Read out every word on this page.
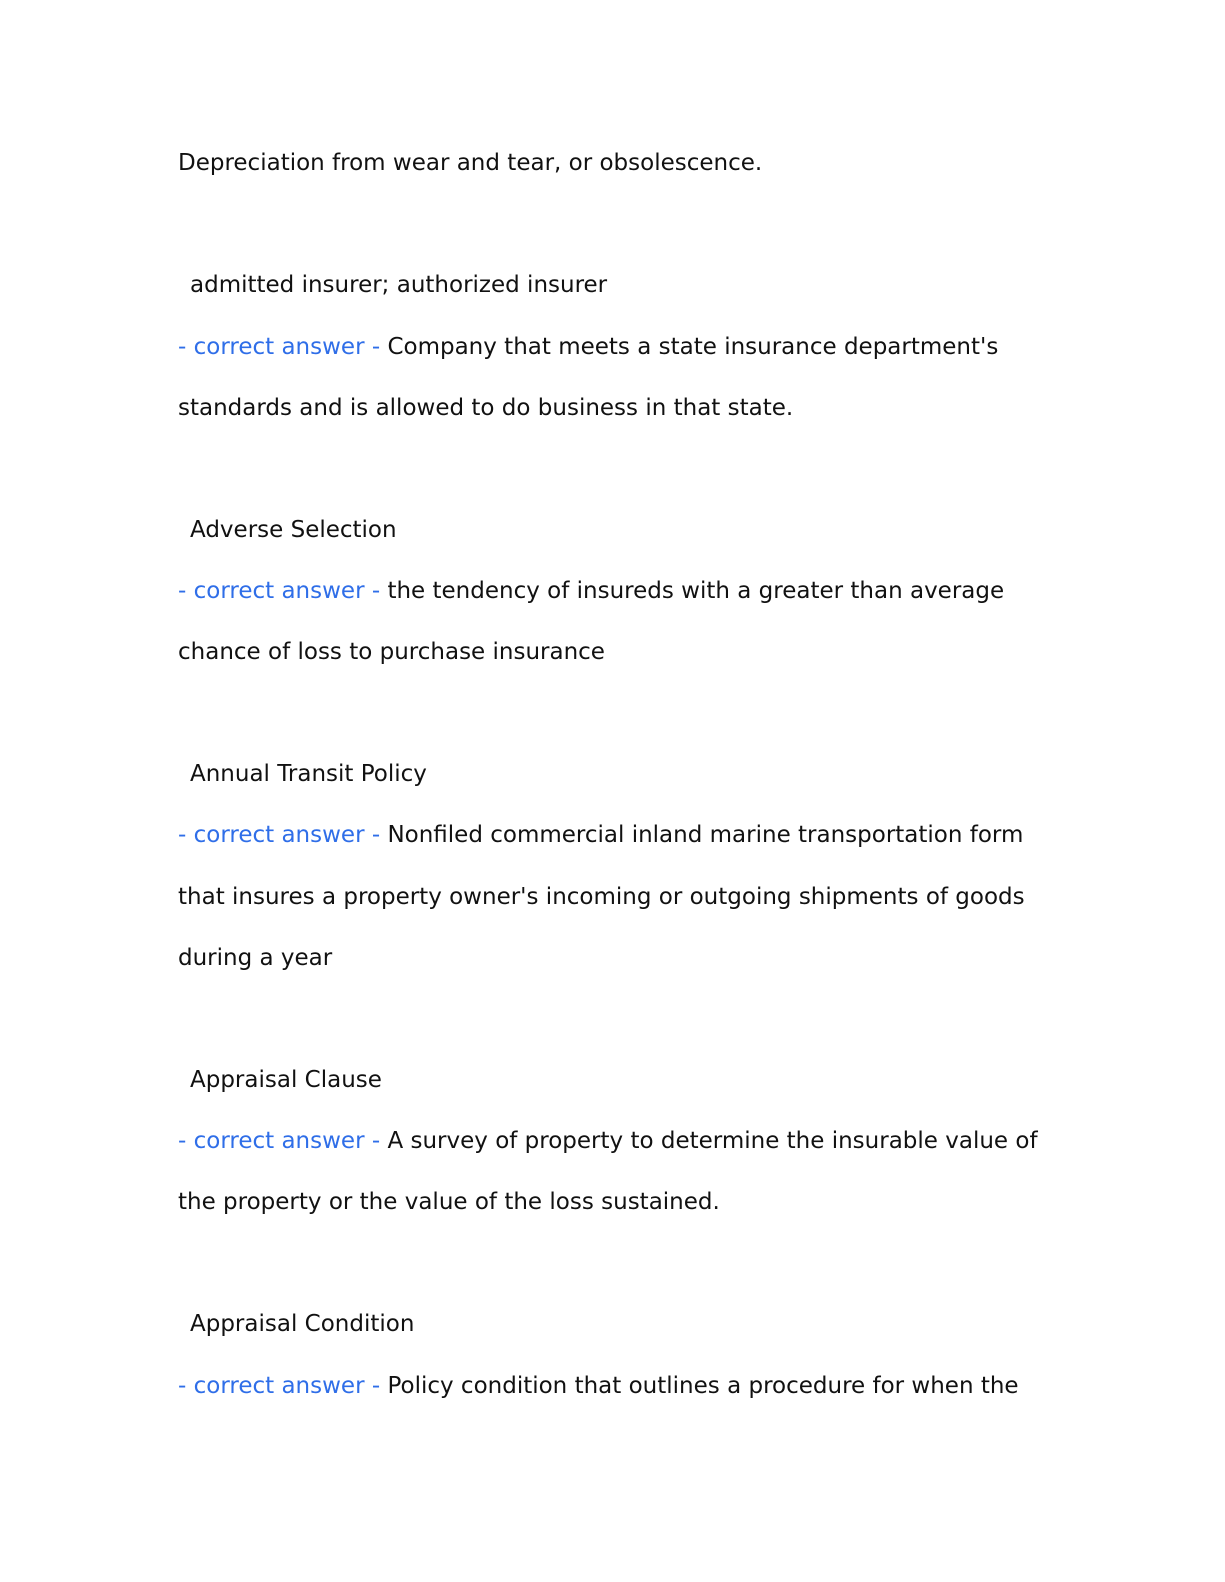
Depreciation from wear and tear, or obsolescence.
admitted insurer; authorized insurer
- correct answer - Company that meets a state insurance department's
standards and is allowed to do business in that state.
Adverse Selection
- correct answer - the tendency of insureds with a greater than average
chance of loss to purchase insurance
Annual Transit Policy
- correct answer - Nonfiled commercial inland marine transportation form
that insures a property owner's incoming or outgoing shipments of goods
during a year
Appraisal Clause
- correct answer - A survey of property to determine the insurable value of
the property or the value of the loss sustained.
Appraisal Condition
- correct answer - Policy condition that outlines a procedure for when the
